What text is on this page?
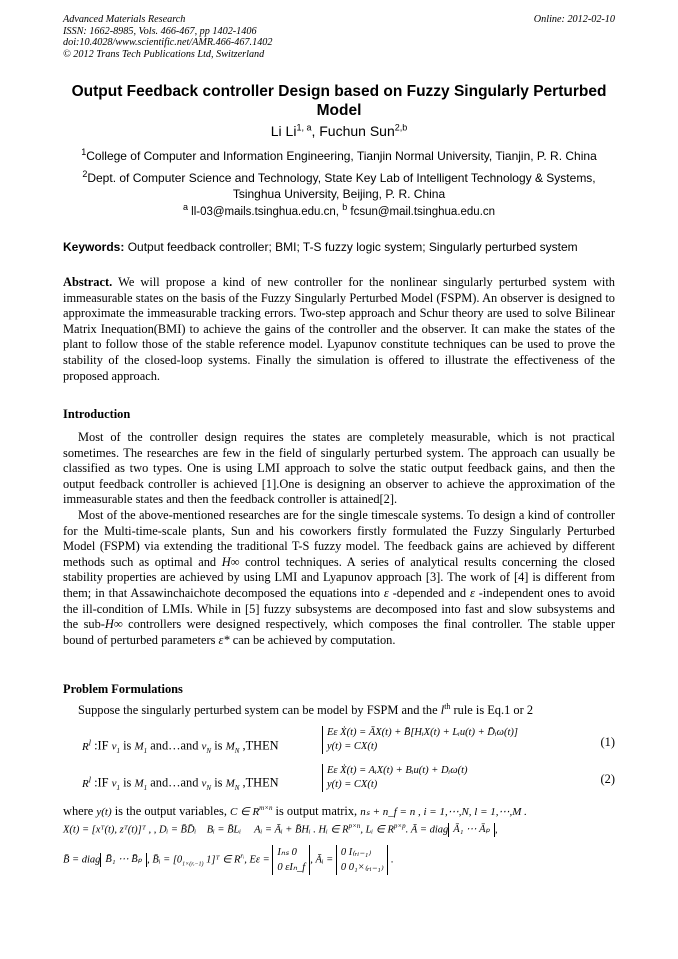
Advanced Materials Research
ISSN: 1662-8985, Vols. 466-467, pp 1402-1406
doi:10.4028/www.scientific.net/AMR.466-467.1402
© 2012 Trans Tech Publications Ltd, Switzerland
Online: 2012-02-10
Output Feedback controller Design based on Fuzzy Singularly Perturbed
Model
Li Li$^{1, a}$, Fuchun Sun$^{2,b}$
$^1$College of Computer and Information Engineering, Tianjin Normal University, Tianjin, P. R. China
$^2$Dept. of Computer Science and Technology, State Key Lab of Intelligent Technology & Systems,
Tsinghua University, Beijing, P. R. China
$^a$ ll-03@mails.tsinghua.edu.cn, $^b$ fcsun@mail.tsinghua.edu.cn
Keywords: Output feedback controller; BMI; T-S fuzzy logic system; Singularly perturbed system
Abstract. We will propose a kind of new controller for the nonlinear singularly perturbed system with immeasurable states on the basis of the Fuzzy Singularly Perturbed Model (FSPM). An observer is designed to approximate the immeasurable tracking errors. Two-step approach and Schur theory are used to solve Bilinear Matrix Inequation(BMI) to achieve the gains of the controller and the observer. It can make the states of the plant to follow those of the stable reference model. Lyapunov constitute techniques can be used to prove the stability of the closed-loop systems. Finally the simulation is offered to illustrate the effectiveness of the proposed approach.
Introduction
Most of the controller design requires the states are completely measurable, which is not practical sometimes. The researches are few in the field of singularly perturbed system. The approach can usually be classified as two types. One is using LMI approach to solve the static output feedback gains, and then the output feedback controller is achieved [1].One is designing an observer to achieve the approximation of the immeasurable states and then the feedback controller is attained[2].
Most of the above-mentioned researches are for the single timescale systems. To design a kind of controller for the Multi-time-scale plants, Sun and his coworkers firstly formulated the Fuzzy Singularly Perturbed Model (FSPM) via extending the traditional T-S fuzzy model. The feedback gains are achieved by different methods such as optimal and H∞ control techniques. A series of analytical results concerning the closed stability properties are achieved by using LMI and Lyapunov approach [3]. The work of [4] is different from them; in that Assawinchaichote decomposed the equations into ε -depended and ε -independent ones to avoid the ill-condition of LMIs. While in [5] fuzzy subsystems are decomposed into fast and slow subsystems and the sub-H∞ controllers were designed respectively, which composes the final controller. The stable upper bound of perturbed parameters ε* can be achieved by computation.
Problem Formulations
Suppose the singularly perturbed system can be model by FSPM and the $l^{th}$ rule is Eq.1 or 2
$R^l$ :IF $v_1$ is $M_1$ and…and $v_N$ is $M_N$ ,THEN	(1)
Eε Ẋ(t) = ĀX(t) + B̄[HᵢX(t) + Lᵢu(t) + D̄ᵢω(t)]
y(t) = CX(t)
$R^l$ :IF $v_1$ is $M_1$ and…and $v_N$ is $M_N$ ,THEN	(2)
Eε Ẋ(t) = AᵢX(t) + Bᵢu(t) + Dᵢω(t)
y(t) = CX(t)
where y(t) is the output variables, C ∈ $R^{m\times n}$ is output matrix, nₛ + n_f = n , i = 1,⋯,N, l = 1,⋯,M .
X(t) = [xᵀ(t), zᵀ(t)]ᵀ , , Dᵢ = B̄D̄ᵢ Bᵢ = B̄Lᵢ Aᵢ = Āᵢ + B̄Hᵢ . Hᵢ ∈ $R^{p\times n}$, Lᵢ ∈ $R^{p\times p}$. Ā = diag Ā₁ ⋯ Āₚ ,
B̄ = diag B̄₁ ⋯ B̄ₚ , B̄ᵢ = [$0_{1\times(rᵢ-1)}$ 1]ᵀ ∈ $R^{rᵢ}$, Eε =
Iₙₛ 0
0 εIₙ_f
, Āᵢ =
0 I₍ᵣᵢ₋₁₎
0 0₁×₍ᵣᵢ₋₁₎
.
